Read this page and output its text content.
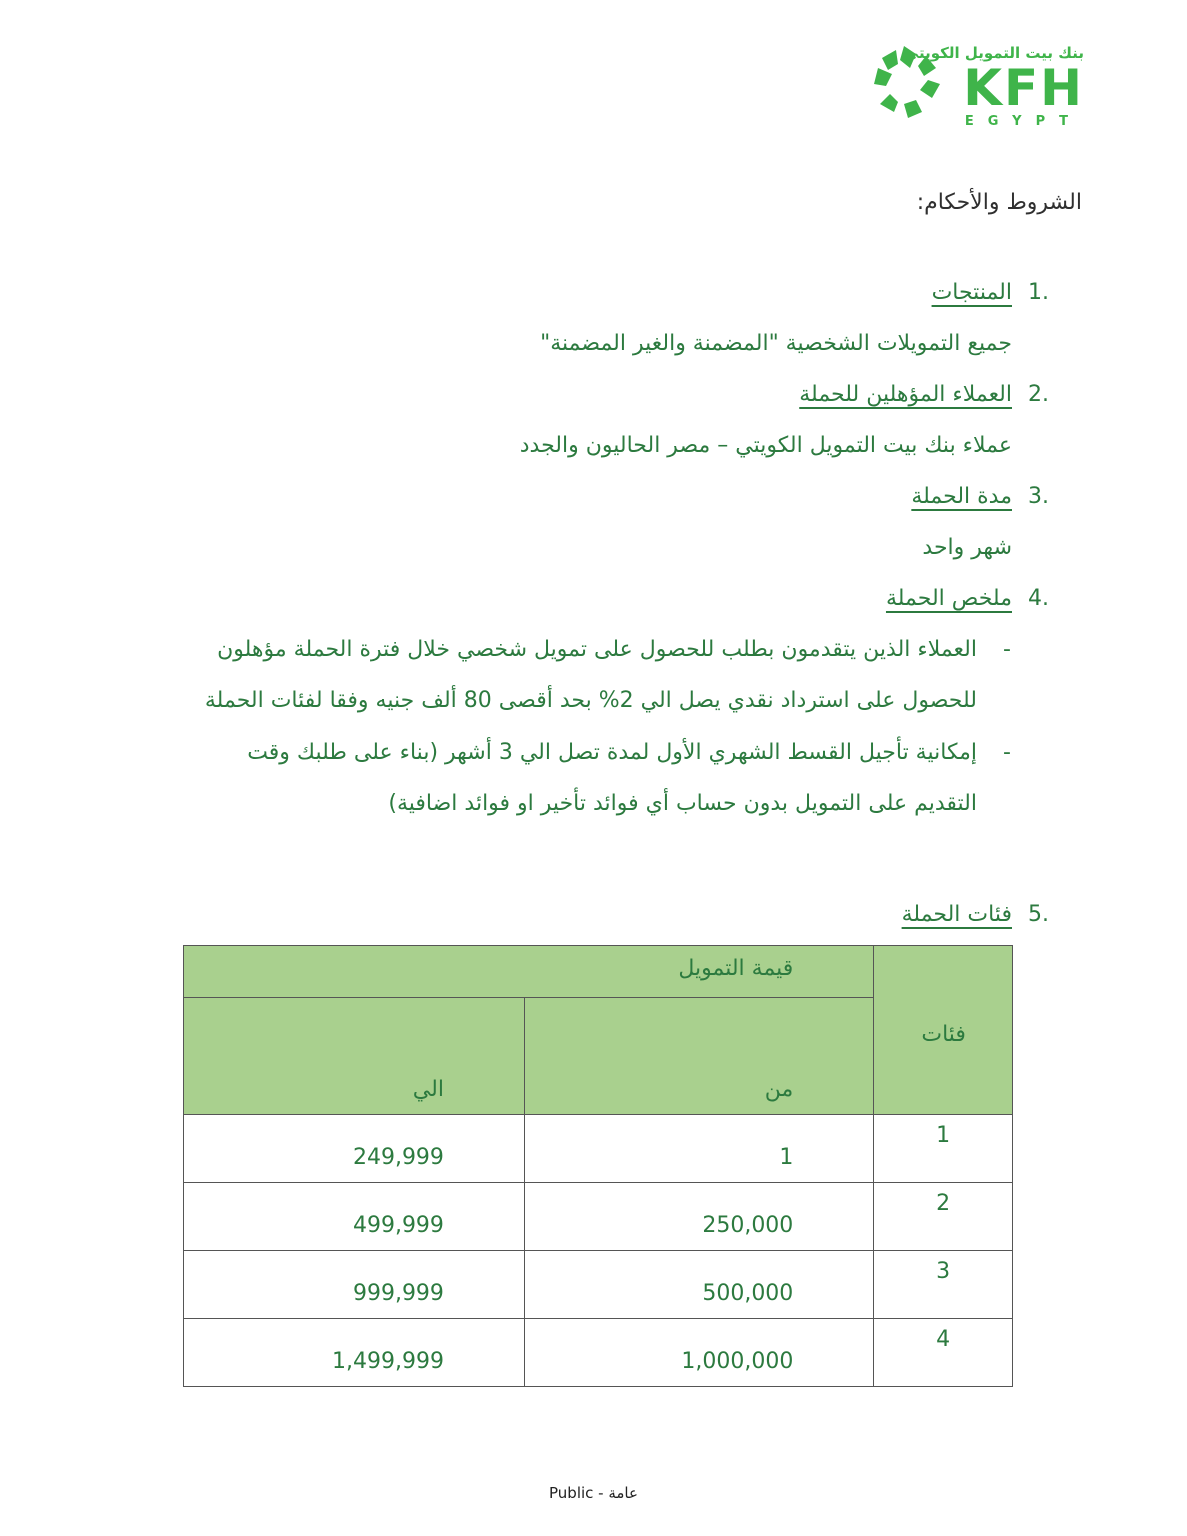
بنك بيت التمويل الكويتي
KFH
EGYPT
الشروط والأحكام:
1.
المنتجات
جميع التمويلات الشخصية "المضمنة والغير المضمنة"
2.
العملاء المؤهلين للحملة
عملاء بنك بيت التمويل الكويتي – مصر الحاليون والجدد
3.
مدة الحملة
شهر واحد
4.
ملخص الحملة
-
العملاء الذين يتقدمون بطلب للحصول على تمويل شخصي خلال فترة الحملة مؤهلون
للحصول على استرداد نقدي يصل الي 2% بحد أقصى 80 ألف جنيه وفقا لفئات الحملة
-
إمكانية تأجيل القسط الشهري الأول لمدة تصل الي 3 أشهر (بناء على طلبك وقت
التقديم على التمويل بدون حساب أي فوائد تأخير او فوائد اضافية)
5.
فئات الحملة
فئات	قيمة التمويل	
	من	الي
1	1	249,999
2	250,000	499,999
3	500,000	999,999
4	1,000,000	1,499,999
Public - عامة
